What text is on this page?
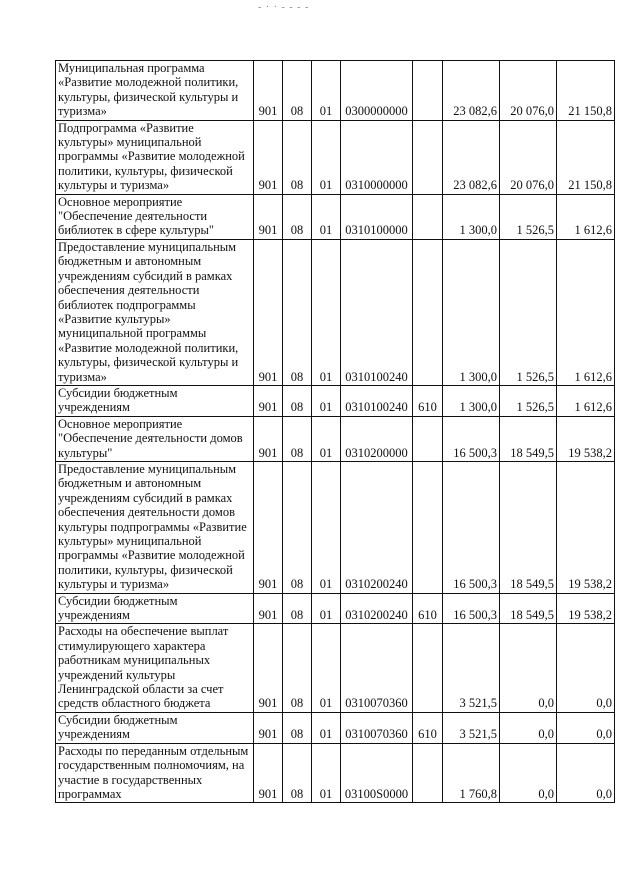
- · · - - - -
Муниципальная программа «Развитие молодежной политики, культуры, физической культуры и туризма»	901	08	01	0300000000		23 082,6	20 076,0	21 150,8
Подпрограмма «Развитие культуры» муниципальной программы «Развитие молодежной политики, культуры, физической культуры и туризма»	901	08	01	0310000000		23 082,6	20 076,0	21 150,8
Основное мероприятие "Обеспечение деятельности библиотек в сфере культуры"	901	08	01	0310100000		1 300,0	1 526,5	1 612,6
Предоставление муниципальным бюджетным и автономным учреждениям субсидий в рамках обеспечения деятельности библиотек подпрограммы «Развитие культуры» муниципальной программы «Развитие молодежной политики, культуры, физической культуры и туризма»	901	08	01	0310100240		1 300,0	1 526,5	1 612,6
Субсидии бюджетным учреждениям	901	08	01	0310100240	610	1 300,0	1 526,5	1 612,6
Основное мероприятие "Обеспечение деятельности домов культуры"	901	08	01	0310200000		16 500,3	18 549,5	19 538,2
Предоставление муниципальным бюджетным и автономным учреждениям субсидий в рамках обеспечения деятельности домов культуры подпрограммы «Развитие культуры» муниципальной программы «Развитие молодежной политики, культуры, физической культуры и туризма»	901	08	01	0310200240		16 500,3	18 549,5	19 538,2
Субсидии бюджетным учреждениям	901	08	01	0310200240	610	16 500,3	18 549,5	19 538,2
Расходы на обеспечение выплат стимулирующего характера работникам муниципальных учреждений культуры Ленинградской области за счет средств областного бюджета	901	08	01	0310070360		3 521,5	0,0	0,0
Субсидии бюджетным учреждениям	901	08	01	0310070360	610	3 521,5	0,0	0,0
Расходы по переданным отдельным государственным полномочиям, на участие в государственных программах	901	08	01	03100S0000		1 760,8	0,0	0,0
